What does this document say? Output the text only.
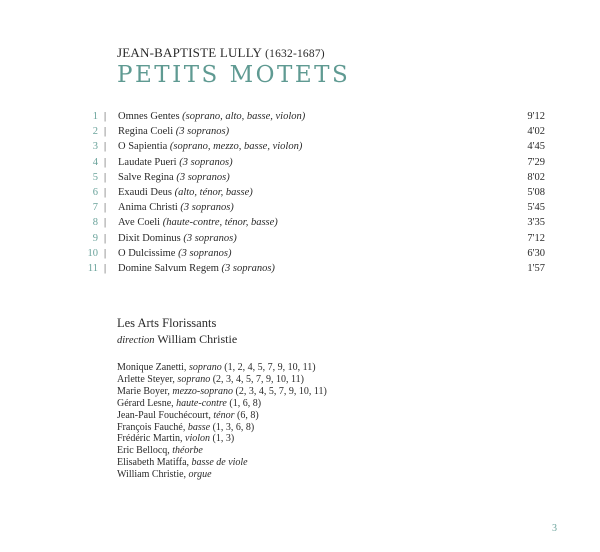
JEAN-BAPTISTE LULLY (1632-1687)
PETITS MOTETS
1 | Omnes Gentes (soprano, alto, basse, violon)	9'12
2 | Regina Coeli (3 sopranos)	4'02
3 | O Sapientia (soprano, mezzo, basse, violon)	4'45
4 | Laudate Pueri (3 sopranos)	7'29
5 | Salve Regina (3 sopranos)	8'02
6 | Exaudi Deus (alto, ténor, basse)	5'08
7 | Anima Christi (3 sopranos)	5'45
8 | Ave Coeli (haute-contre, ténor, basse)	3'35
9 | Dixit Dominus (3 sopranos)	7'12
10 | O Dulcissime (3 sopranos)	6'30
11 | Domine Salvum Regem (3 sopranos)	1'57
Les Arts Florissants
direction William Christie
Monique Zanetti, soprano (1, 2, 4, 5, 7, 9, 10, 11)
Arlette Steyer, soprano (2, 3, 4, 5, 7, 9, 10, 11)
Marie Boyer, mezzo-soprano (2, 3, 4, 5, 7, 9, 10, 11)
Gérard Lesne, haute-contre (1, 6, 8)
Jean-Paul Fouchécourt, ténor (6, 8)
François Fauché, basse (1, 3, 6, 8)
Frédéric Martin, violon (1, 3)
Eric Bellocq, théorbe
Elisabeth Matiffa, basse de viole
William Christie, orgue
3
